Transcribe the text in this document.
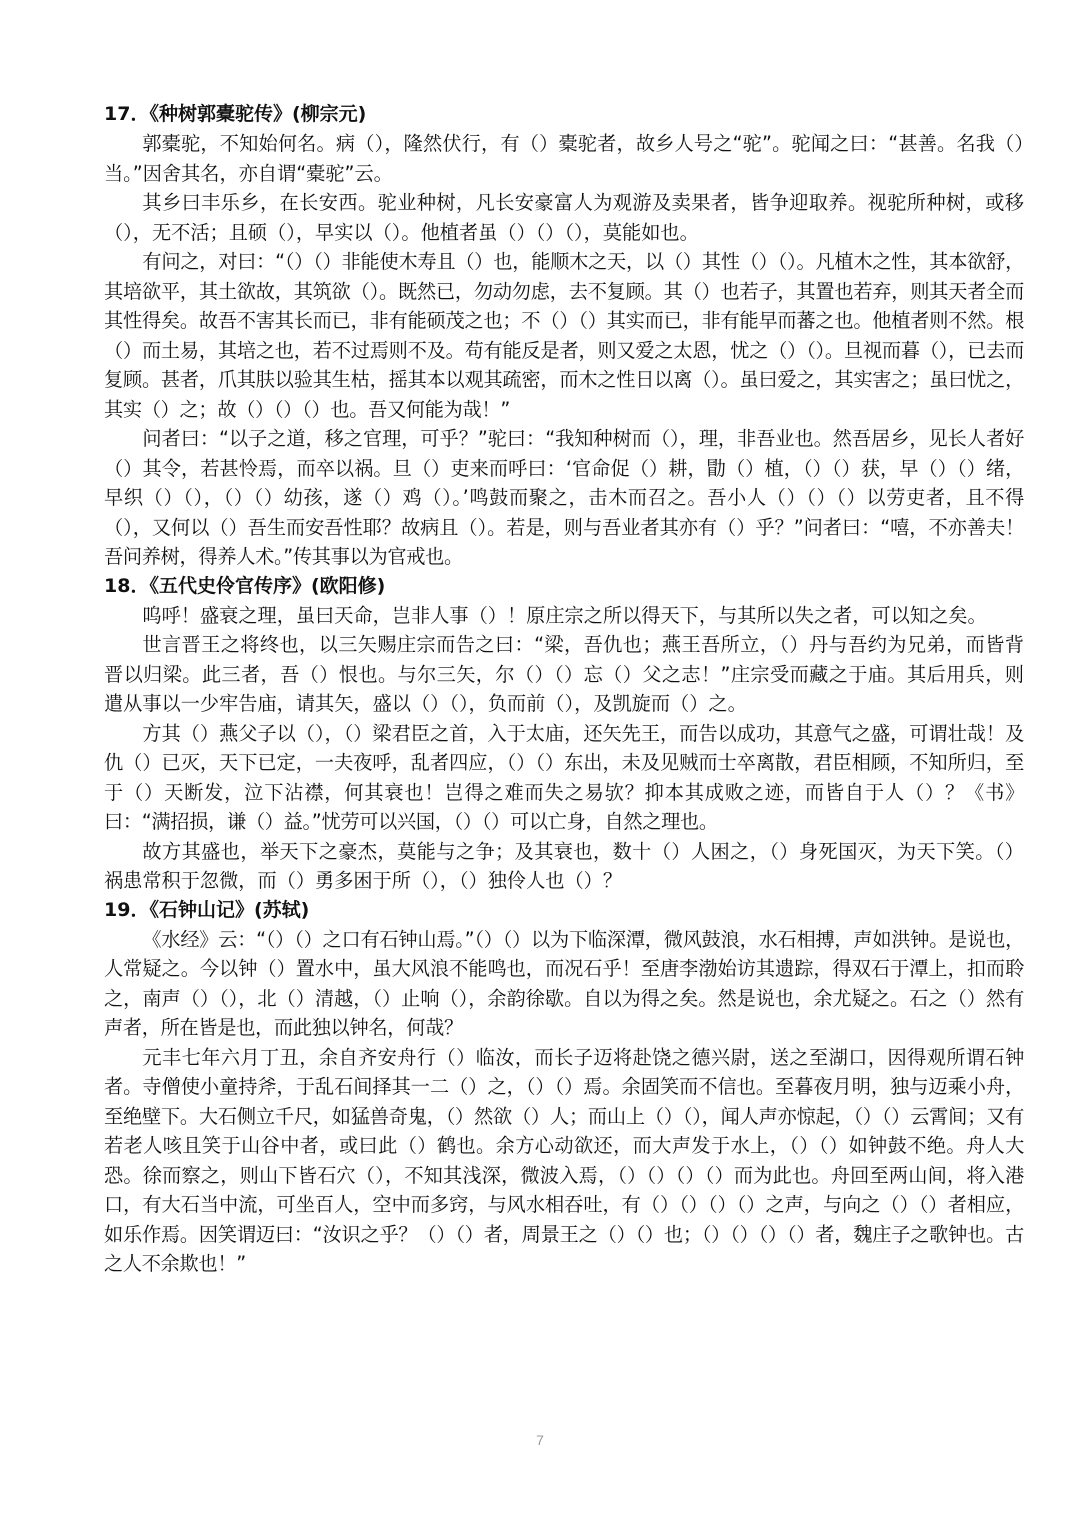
17．《种树郭橐驼传》(柳宗元)

郭橐驼，不知始何名。病（），隆然伏行，有（）橐驼者，故乡人号之“驼”。驼闻之曰：“甚善。名我（）当。”因舍其名，亦自谓“橐驼”云。

其乡曰丰乐乡，在长安西。驼业种树，凡长安豪富人为观游及卖果者，皆争迎取养。视驼所种树，或移（），无不活；且硕（），早实以（）。他植者虽（）（）（），莫能如也。

有问之，对曰：“（）（）非能使木寿且（）也，能顺木之天，以（）其性（）（）。凡植木之性，其本欲舒，其培欲平，其土欲故，其筑欲（）。既然已，勿动勿虑，去不复顾。其（）也若子，其置也若弃，则其天者全而其性得矣。故吾不害其长而已，非有能硕茂之也；不（）（）其实而已，非有能早而蕃之也。他植者则不然。根（）而土易，其培之也，若不过焉则不及。苟有能反是者，则又爱之太恩，忧之（）（）。旦视而暮（），已去而复顾。甚者，爪其肤以验其生枯，摇其本以观其疏密，而木之性日以离（）。虽曰爱之，其实害之；虽曰忧之，其实（）之；故（）（）（）也。吾又何能为哉！”

问者曰：“以子之道，移之官理，可乎？”驼曰：“我知种树而（），理，非吾业也。然吾居乡，见长人者好（）其令，若甚怜焉，而卒以祸。旦（）吏来而呼曰：‘官命促（）耕，勖（）植，（）（）获，早（）（）绪，早织（）（），（）（）幼孩，遂（）鸡（）。’鸣鼓而聚之，击木而召之。吾小人（）（）（）以劳吏者，且不得（），又何以（）吾生而安吾性耶？故病且（）。若是，则与吾业者其亦有（）乎？”问者曰：“嘻，不亦善夫！吾问养树，得养人术。”传其事以为官戒也。

18．《五代史伶官传序》(欧阳修)

呜呼！盛衰之理，虽曰天命，岂非人事（）！原庄宗之所以得天下，与其所以失之者，可以知之矣。

世言晋王之将终也，以三矢赐庄宗而告之曰：“梁，吾仇也；燕王吾所立，（）丹与吾约为兄弟，而皆背晋以归梁。此三者，吾（）恨也。与尔三矢，尔（）（）忘（）父之志！”庄宗受而藏之于庙。其后用兵，则遣从事以一少牢告庙，请其矢，盛以（）（），负而前（），及凯旋而（）之。

方其（）燕父子以（），（）梁君臣之首，入于太庙，还矢先王，而告以成功，其意气之盛，可谓壮哉！及仇（）已灭，天下已定，一夫夜呼，乱者四应，（）（）东出，未及见贼而士卒离散，君臣相顾，不知所归，至于（）天断发，泣下沾襟，何其衰也！岂得之难而失之易欤？抑本其成败之迹，而皆自于人（）？《书》曰：“满招损，谦（）益。”忧劳可以兴国，（）（）可以亡身，自然之理也。

故方其盛也，举天下之豪杰，莫能与之争；及其衰也，数十（）人困之，（）身死国灭，为天下笑。（）祸患常积于忽微，而（）勇多困于所（），（）独伶人也（）？

19．《石钟山记》(苏轼)

《水经》云：“（）（）之口有石钟山焉。”（）（）以为下临深潭，微风鼓浪，水石相搏，声如洪钟。是说也，人常疑之。今以钟（）置水中，虽大风浪不能鸣也，而况石乎！至唐李渤始访其遗踪，得双石于潭上，扣而聆之，南声（）（），北（）清越，（）止响（），余韵徐歇。自以为得之矣。然是说也，余尤疑之。石之（）然有声者，所在皆是也，而此独以钟名，何哉？

元丰七年六月丁丑，余自齐安舟行（）临汝，而长子迈将赴饶之德兴尉，送之至湖口，因得观所谓石钟者。寺僧使小童持斧，于乱石间择其一二（）之，（）（）焉。余固笑而不信也。至暮夜月明，独与迈乘小舟，至绝壁下。大石侧立千尺，如猛兽奇鬼，（）然欲（）人；而山上（）（），闻人声亦惊起，（）（）云霄间；又有若老人咳且笑于山谷中者，或曰此（）鹤也。余方心动欲还，而大声发于水上，（）（）如钟鼓不绝。舟人大恐。徐而察之，则山下皆石穴（），不知其浅深，微波入焉，（）（）（）（）而为此也。舟回至两山间，将入港口，有大石当中流，可坐百人，空中而多窍，与风水相吞吐，有（）（）（）（）之声，与向之（）（）者相应，如乐作焉。因笑谓迈曰：“汝识之乎？（）（）者，周景王之（）（）也；（）（）（）（）者，魏庄子之歌钟也。古之人不余欺也！”

7
